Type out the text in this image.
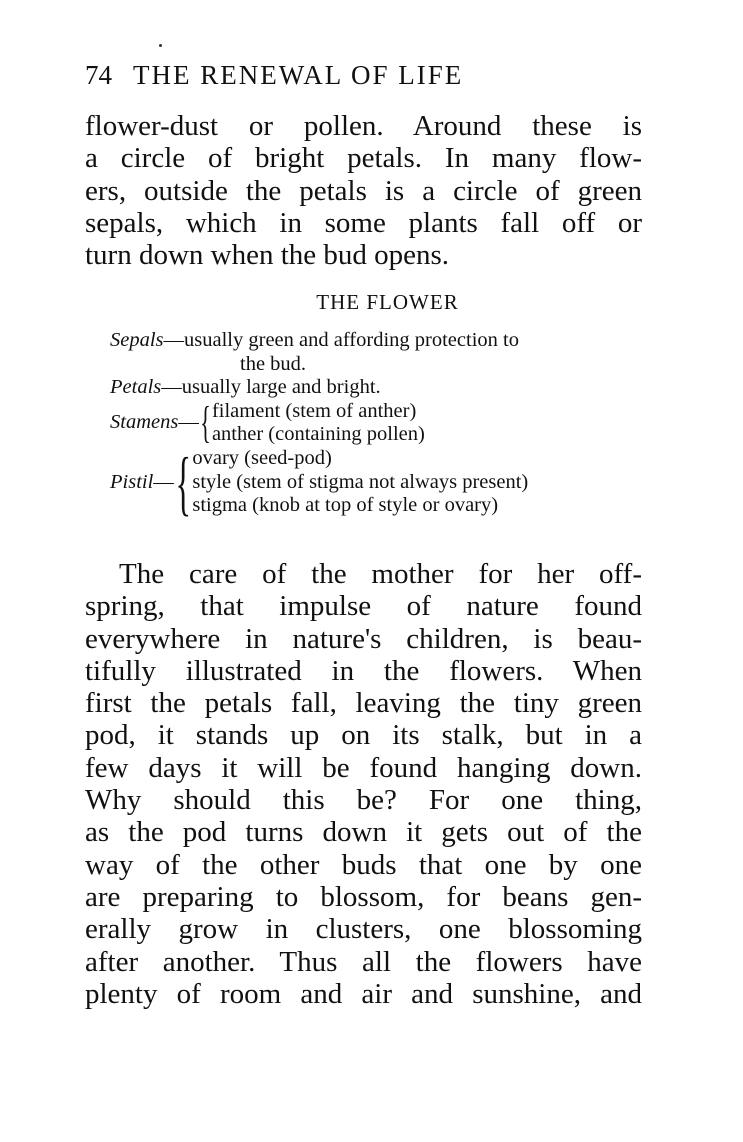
74 THE RENEWAL OF LIFE
flower-dust or pollen. Around these is
a circle of bright petals. In many flow-
ers, outside the petals is a circle of green
sepals, which in some plants fall off or
turn down when the bud opens.
THE FLOWER
Sepals — usually green and affording protection to
the bud.
Petals — usually large and bright.
Stamens — { filament (stem of anther)
anther (containing pollen)
Pistil — { ovary (seed-pod)
style (stem of stigma not always present)
stigma (knob at top of style or ovary)
The care of the mother for her off-
spring, that impulse of nature found
everywhere in nature's children, is beau-
tifully illustrated in the flowers. When
first the petals fall, leaving the tiny green
pod, it stands up on its stalk, but in a
few days it will be found hanging down.
Why should this be? For one thing,
as the pod turns down it gets out of the
way of the other buds that one by one
are preparing to blossom, for beans gen-
erally grow in clusters, one blossoming
after another. Thus all the flowers have
plenty of room and air and sunshine, and
